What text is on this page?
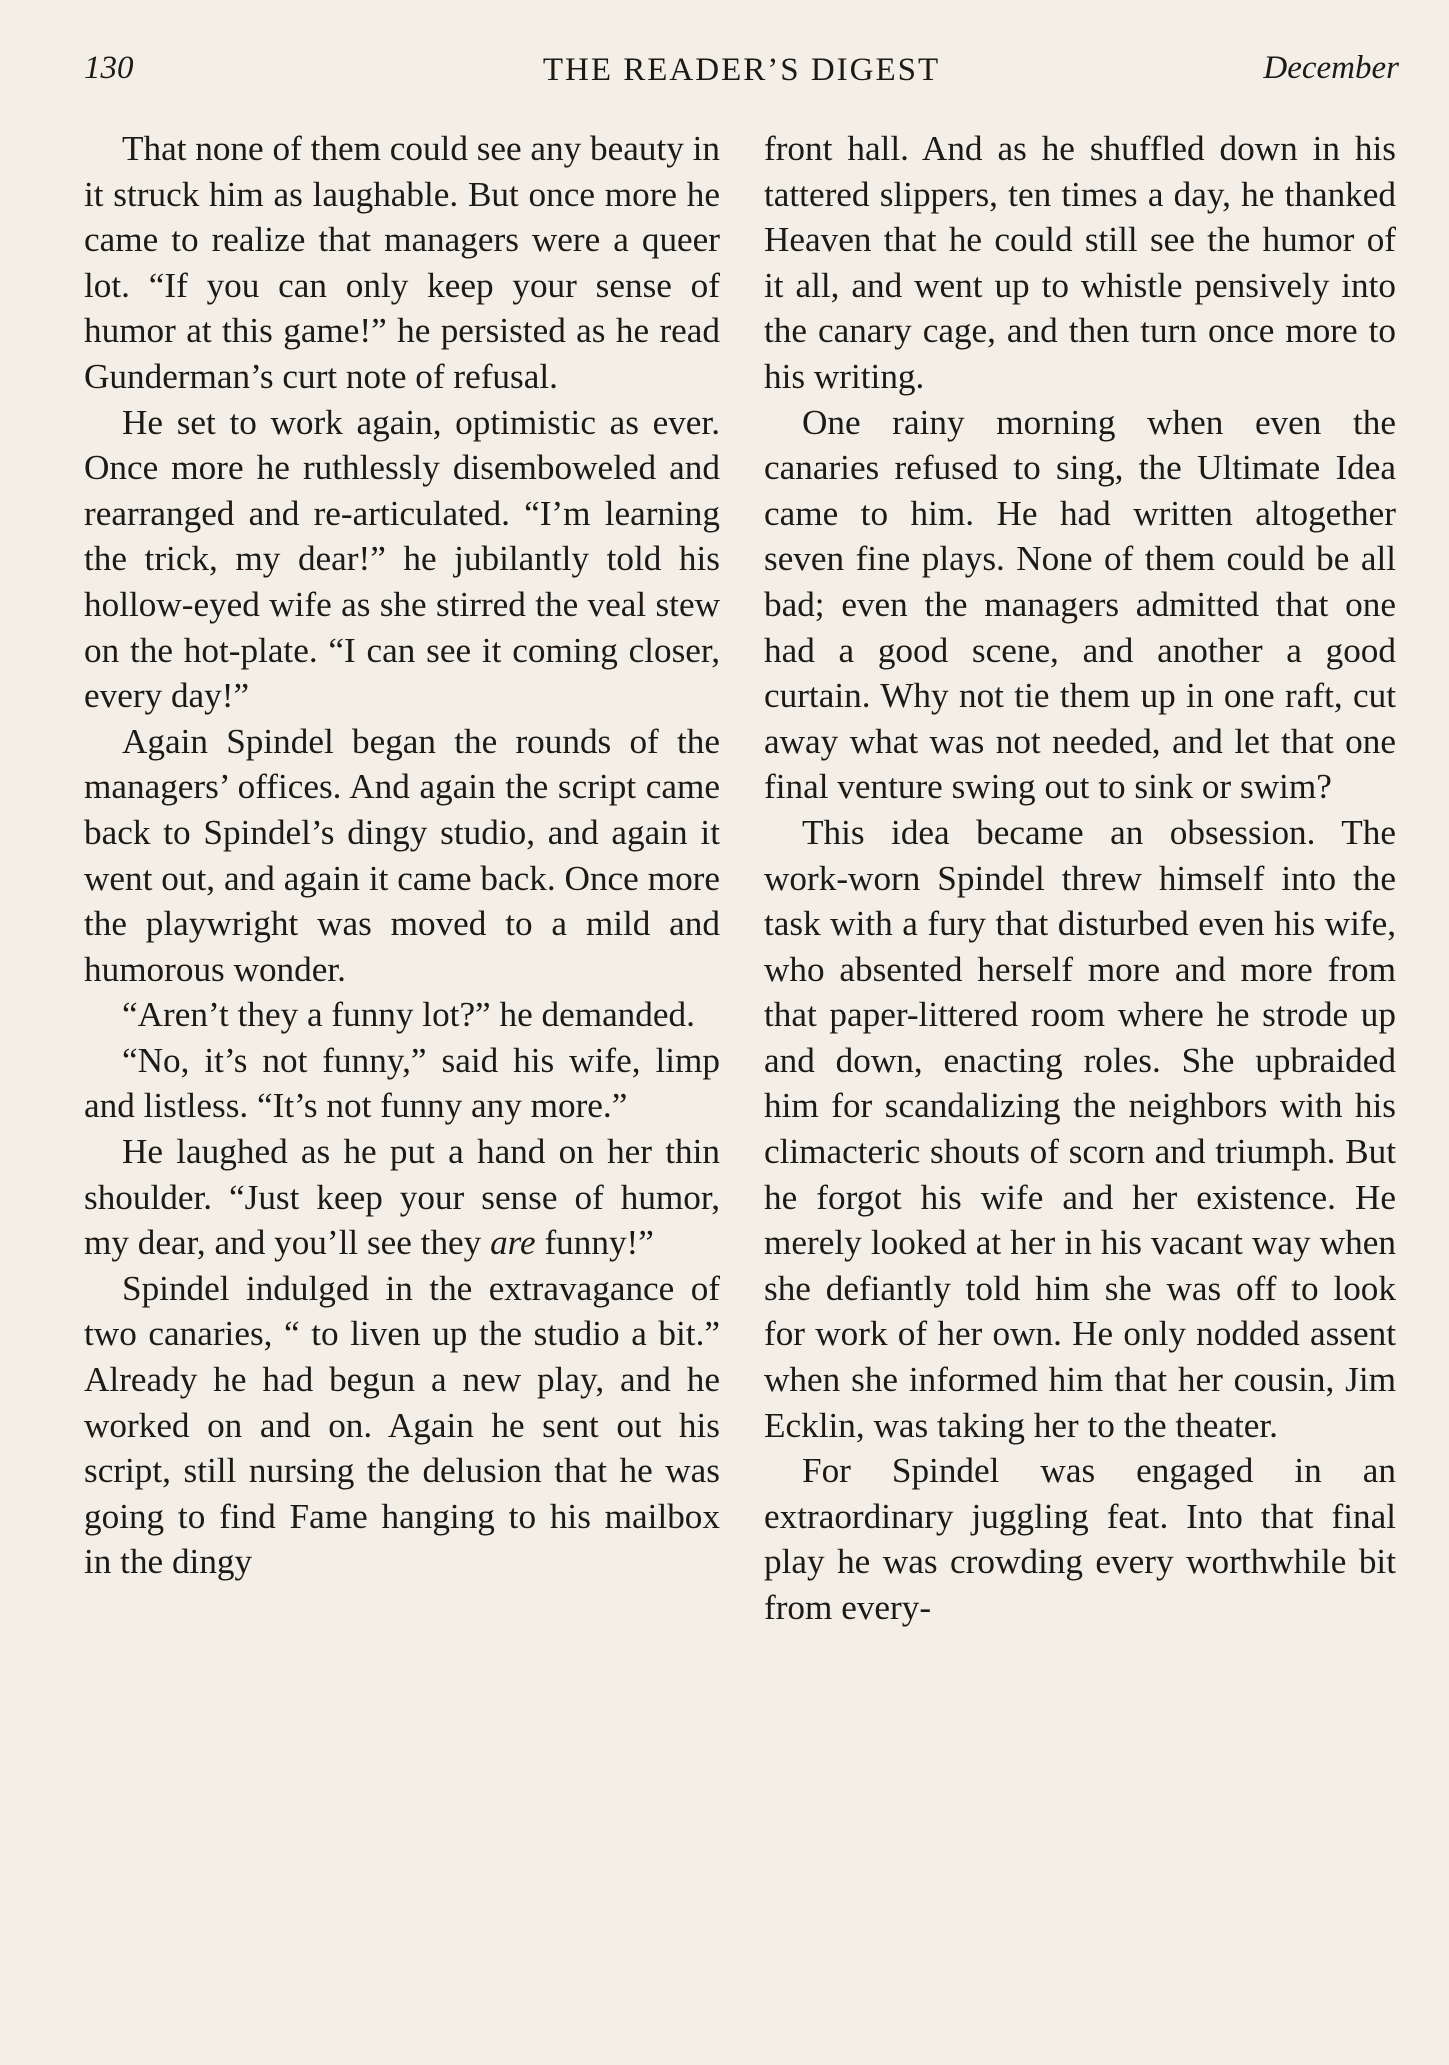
130	THE READER’S DIGEST	December

That none of them could see any beauty in it struck him as laughable. But once more he came to realize that managers were a queer lot. “If you can only keep your sense of humor at this game!” he persisted as he read Gunderman’s curt note of refusal.

He set to work again, optimistic as ever. Once more he ruthlessly disemboweled and rearranged and re-articulated. “I’m learning the trick, my dear!” he jubilantly told his hollow-eyed wife as she stirred the veal stew on the hot-plate. “I can see it coming closer, every day!”

Again Spindel began the rounds of the managers’ offices. And again the script came back to Spindel’s dingy studio, and again it went out, and again it came back. Once more the playwright was moved to a mild and humorous wonder.

“Aren’t they a funny lot?” he demanded.

“No, it’s not funny,” said his wife, limp and listless. “It’s not funny any more.”

He laughed as he put a hand on her thin shoulder. “Just keep your sense of humor, my dear, and you’ll see they are funny!”

Spindel indulged in the extravagance of two canaries, “ to liven up the studio a bit.” Already he had begun a new play, and he worked on and on. Again he sent out his script, still nursing the delusion that he was going to find Fame hanging to his mailbox in the dingy

front hall. And as he shuffled down in his tattered slippers, ten times a day, he thanked Heaven that he could still see the humor of it all, and went up to whistle pensively into the canary cage, and then turn once more to his writing.

One rainy morning when even the canaries refused to sing, the Ultimate Idea came to him. He had written altogether seven fine plays. None of them could be all bad; even the managers admitted that one had a good scene, and another a good curtain. Why not tie them up in one raft, cut away what was not needed, and let that one final venture swing out to sink or swim?

This idea became an obsession. The work-worn Spindel threw himself into the task with a fury that disturbed even his wife, who absented herself more and more from that paper-littered room where he strode up and down, enacting roles. She upbraided him for scandalizing the neighbors with his climacteric shouts of scorn and triumph. But he forgot his wife and her existence. He merely looked at her in his vacant way when she defiantly told him she was off to look for work of her own. He only nodded assent when she informed him that her cousin, Jim Ecklin, was taking her to the theater.

For Spindel was engaged in an extraordinary juggling feat. Into that final play he was crowding every worthwhile bit from every-
